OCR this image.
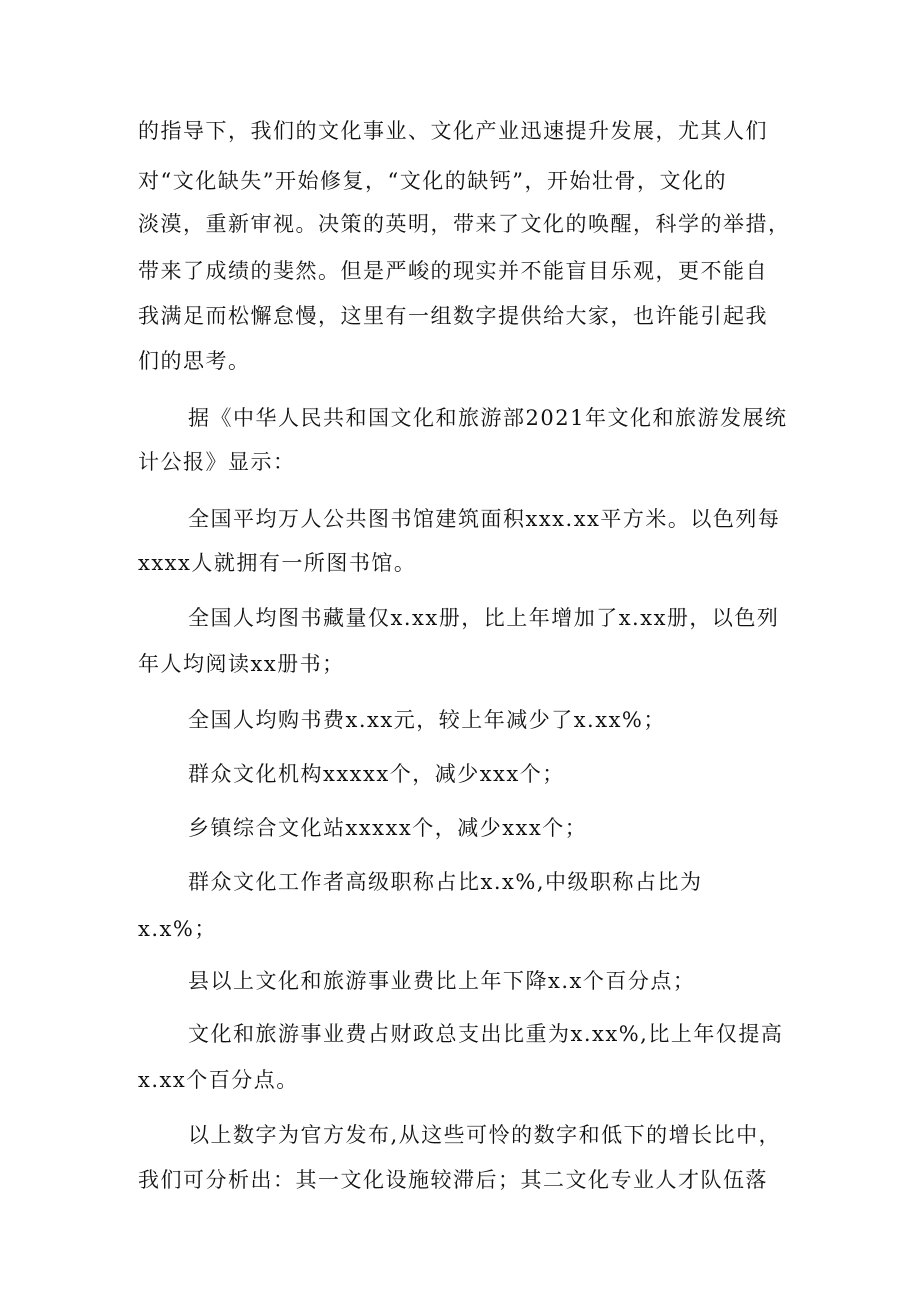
的指导下，我们的文化事业、文化产业迅速提升发展，尤其人们

对“文化缺失”开始修复，“文化的缺钙”，开始壮骨，文化的

淡漠，重新审视。决策的英明，带来了文化的唤醒，科学的举措，

带来了成绩的斐然。但是严峻的现实并不能盲目乐观，更不能自

我满足而松懈怠慢，这里有一组数字提供给大家，也许能引起我

们的思考。

据《中华人民共和国文化和旅游部2021年文化和旅游发展统

计公报》显示：

全国平均万人公共图书馆建筑面积xxx.xx平方米。以色列每

xxxx人就拥有一所图书馆。

全国人均图书藏量仅x.xx册，比上年增加了x.xx册，以色列

年人均阅读xx册书；

全国人均购书费x.xx元，较上年减少了x.xx%；

群众文化机构xxxxx个，减少xxx个；

乡镇综合文化站xxxxx个，减少xxx个；

群众文化工作者高级职称占比x.x%,中级职称占比为

x.x%；

县以上文化和旅游事业费比上年下降x.x个百分点；

文化和旅游事业费占财政总支出比重为x.xx%,比上年仅提高

x.xx个百分点。

以上数字为官方发布,从这些可怜的数字和低下的增长比中，

我们可分析出：其一文化设施较滞后；其二文化专业人才队伍落
